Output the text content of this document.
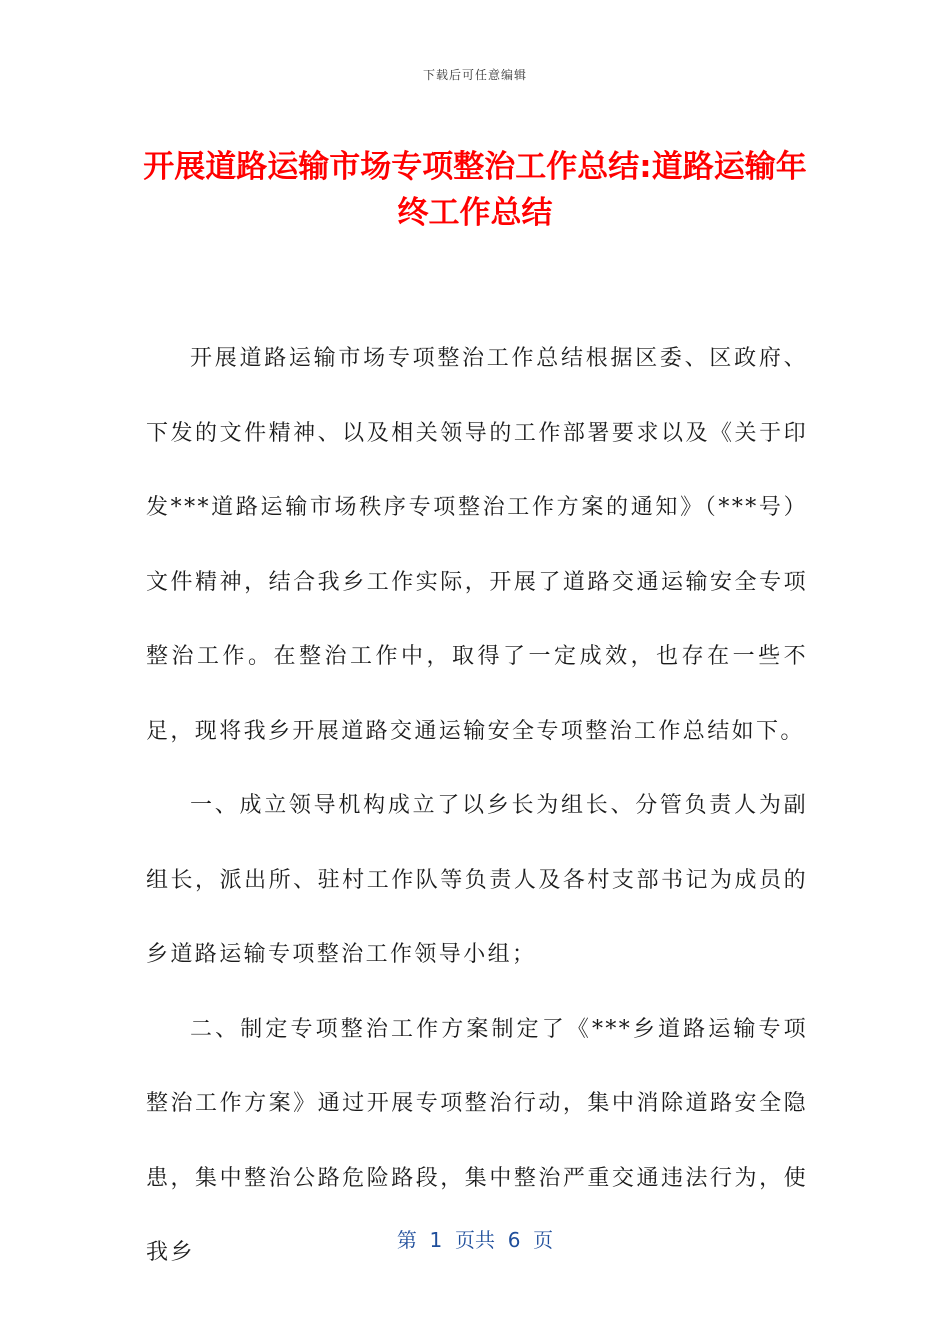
下载后可任意编辑
开展道路运输市场专项整治工作总结:道路运输年终工作总结

开展道路运输市场专项整治工作总结根据区委、区政府、下发的文件精神、以及相关领导的工作部署要求以及《关于印发***道路运输市场秩序专项整治工作方案的通知》（***号）文件精神，结合我乡工作实际，开展了道路交通运输安全专项整治工作。在整治工作中，取得了一定成效，也存在一些不足，现将我乡开展道路交通运输安全专项整治工作总结如下。

一、成立领导机构成立了以乡长为组长、分管负责人为副组长，派出所、驻村工作队等负责人及各村支部书记为成员的乡道路运输专项整治工作领导小组；

二、制定专项整治工作方案制定了《***乡道路运输专项整治工作方案》通过开展专项整治行动，集中消除道路安全隐患，集中整治公路危险路段，集中整治严重交通违法行为，使我乡	第  1  页共  6  页
